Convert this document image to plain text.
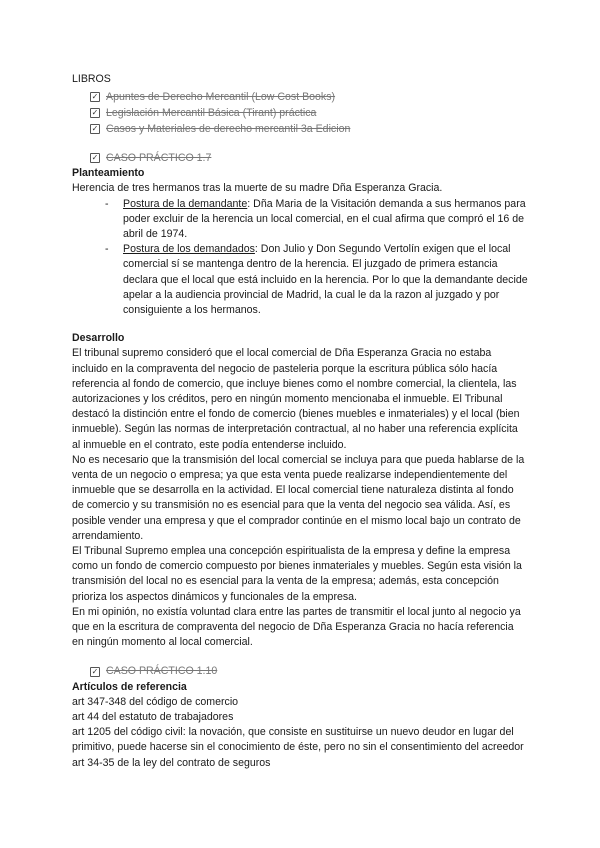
LIBROS

✓ Apuntes de Derecho Mercantil (Low Cost Books)
✓ Legislación Mercantil Básica (Tirant) práctica
✓ Casos y Materiales de derecho mercantil 3a Edicion
✓ CASO PRÁCTICO 1.7

Planteamiento

Herencia de tres hermanos tras la muerte de su madre Dña Esperanza Gracia.

- Postura de la demandante: Dña Maria de la Visitación demanda a sus hermanos para poder excluir de la herencia un local comercial, en el cual afirma que compró el 16 de abril de 1974.
- Postura de los demandados: Don Julio y Don Segundo Vertolín exigen que el local comercial sí se mantenga dentro de la herencia. El juzgado de primera estancia declara que el local que está incluido en la herencia. Por lo que la demandante decide apelar a la audiencia provincial de Madrid, la cual le da la razon al juzgado y por consiguiente a los hermanos.

Desarrollo

El tribunal supremo consideró que el local comercial de Dña Esperanza Gracia no estaba incluido en la compraventa del negocio de pasteleria porque la escritura pública sólo hacía referencia al fondo de comercio, que incluye bienes como el nombre comercial, la clientela, las autorizaciones y los créditos, pero en ningún momento mencionaba el inmueble. El Tribunal destacó la distinción entre el fondo de comercio (bienes muebles e inmateriales) y el local (bien inmueble). Según las normas de interpretación contractual, al no haber una referencia explícita al inmueble en el contrato, este podía entenderse incluido.

No es necesario que la transmisión del local comercial se incluya para que pueda hablarse de la venta de un negocio o empresa; ya que esta venta puede realizarse independientemente del inmueble que se desarrolla en la actividad. El local comercial tiene naturaleza distinta al fondo de comercio y su transmisión no es esencial para que la venta del negocio sea válida. Así, es posible vender una empresa y que el comprador continúe en el mismo local bajo un contrato de arrendamiento.

El Tribunal Supremo emplea una concepción espiritualista de la empresa y define la empresa como un fondo de comercio compuesto por bienes inmateriales y muebles. Según esta visión la transmisión del local no es esencial para la venta de la empresa; además, esta concepción prioriza los aspectos dinámicos y funcionales de la empresa.

En mi opinión, no existía voluntad clara entre las partes de transmitir el local junto al negocio ya que en la escritura de compraventa del negocio de Dña Esperanza Gracia no hacía referencia en ningún momento al local comercial.

✓ CASO PRÁCTICO 1.10

Artículos de referencia

art 347-348 del código de comercio

art 44 del estatuto de trabajadores

art 1205 del código civil: la novación, que consiste en sustituirse un nuevo deudor en lugar del primitivo, puede hacerse sin el conocimiento de éste, pero no sin el consentimiento del acreedor

art 34-35 de la ley del contrato de seguros
